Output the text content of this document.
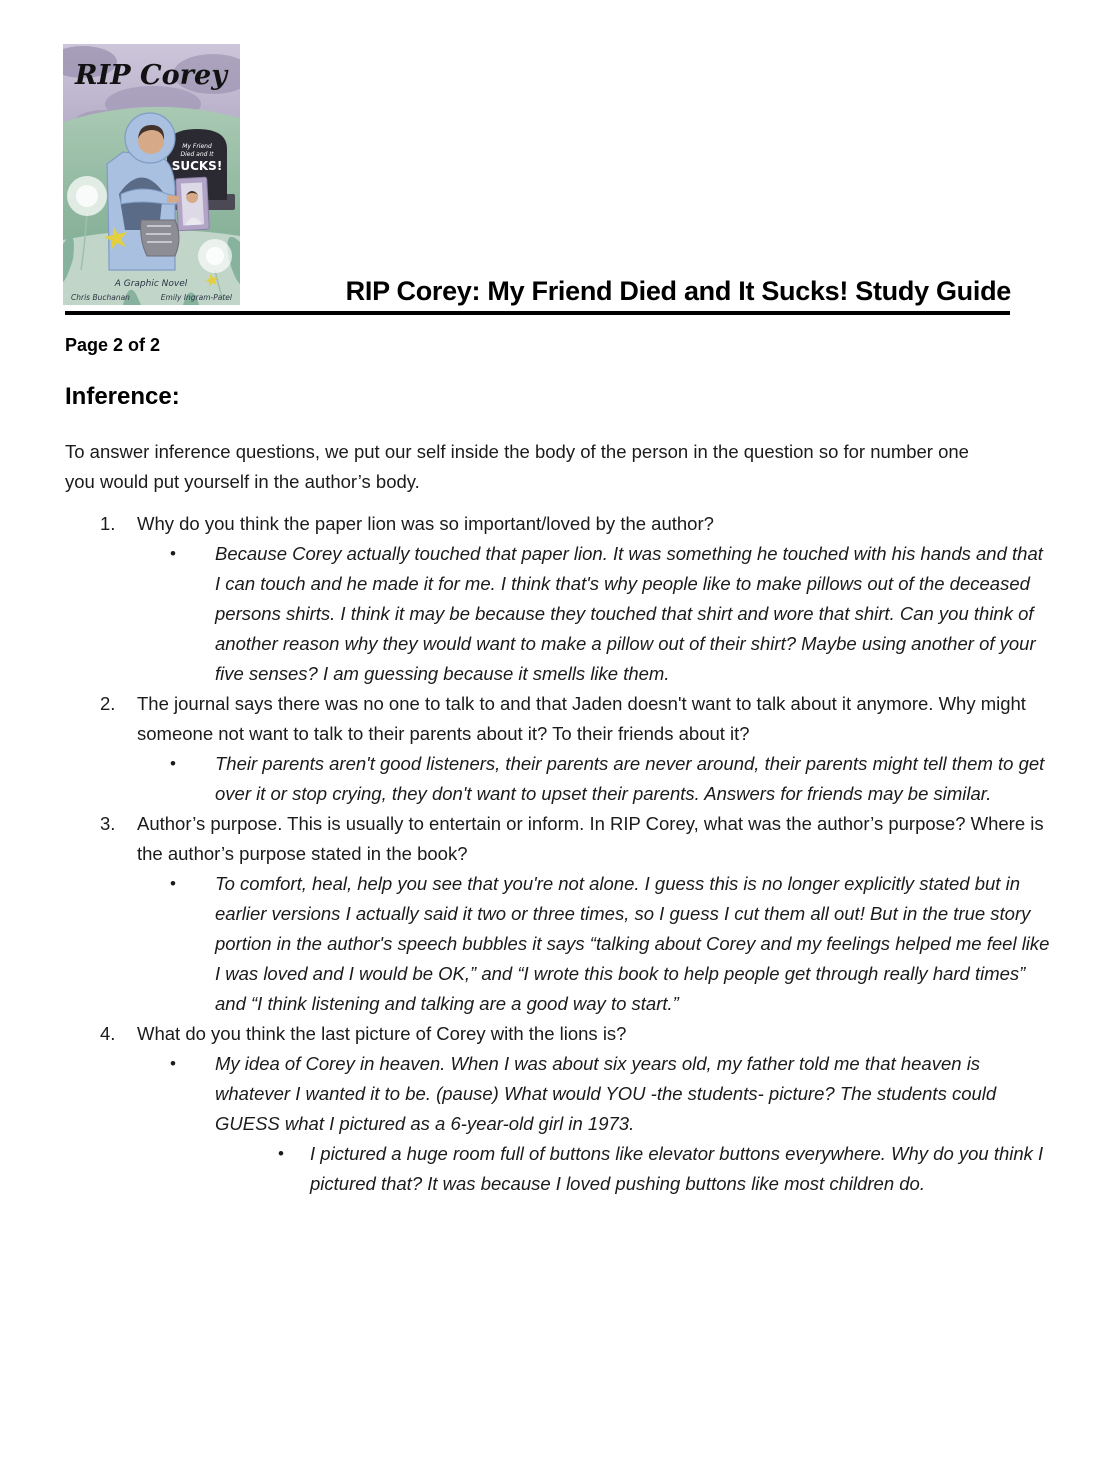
My Friend
Died and It
SUCKS!
RIP Corey
A Graphic Novel
Chris Buchanan	Emily Ingram-Patel	RIP Corey: My Friend Died and It Sucks! Study Guide
Page 2 of 2
Inference:

To answer inference questions, we put our self inside the body of the person in the question so for number one you would put yourself in the author’s body.

1.	Why do you think the paper lion was so important/loved by the author?
•	Because Corey actually touched that paper lion. It was something he touched with his hands and that I can touch and he made it for me. I think that's why people like to make pillows out of the deceased persons shirts. I think it may be because they touched that shirt and wore that shirt. Can you think of another reason why they would want to make a pillow out of their shirt? Maybe using another of your five senses? I am guessing because it smells like them.
2.	The journal says there was no one to talk to and that Jaden doesn't want to talk about it anymore. Why might someone not want to talk to their parents about it? To their friends about it?
•	Their parents aren't good listeners, their parents are never around, their parents might tell them to get over it or stop crying, they don't want to upset their parents. Answers for friends may be similar.
3.	Author’s purpose. This is usually to entertain or inform. In RIP Corey, what was the author’s purpose? Where is the author’s purpose stated in the book?
•	To comfort, heal, help you see that you're not alone. I guess this is no longer explicitly stated but in earlier versions I actually said it two or three times, so I guess I cut them all out! But in the true story portion in the author's speech bubbles it says “talking about Corey and my feelings helped me feel like I was loved and I would be OK,” and “I wrote this book to help people get through really hard times” and “I think listening and talking are a good way to start.”
4.	What do you think the last picture of Corey with the lions is?
•	My idea of Corey in heaven. When I was about six years old, my father told me that heaven is whatever I wanted it to be. (pause) What would YOU -the students- picture? The students could GUESS what I pictured as a 6-year-old girl in 1973.
•	I pictured a huge room full of buttons like elevator buttons everywhere. Why do you think I pictured that? It was because I loved pushing buttons like most children do.
